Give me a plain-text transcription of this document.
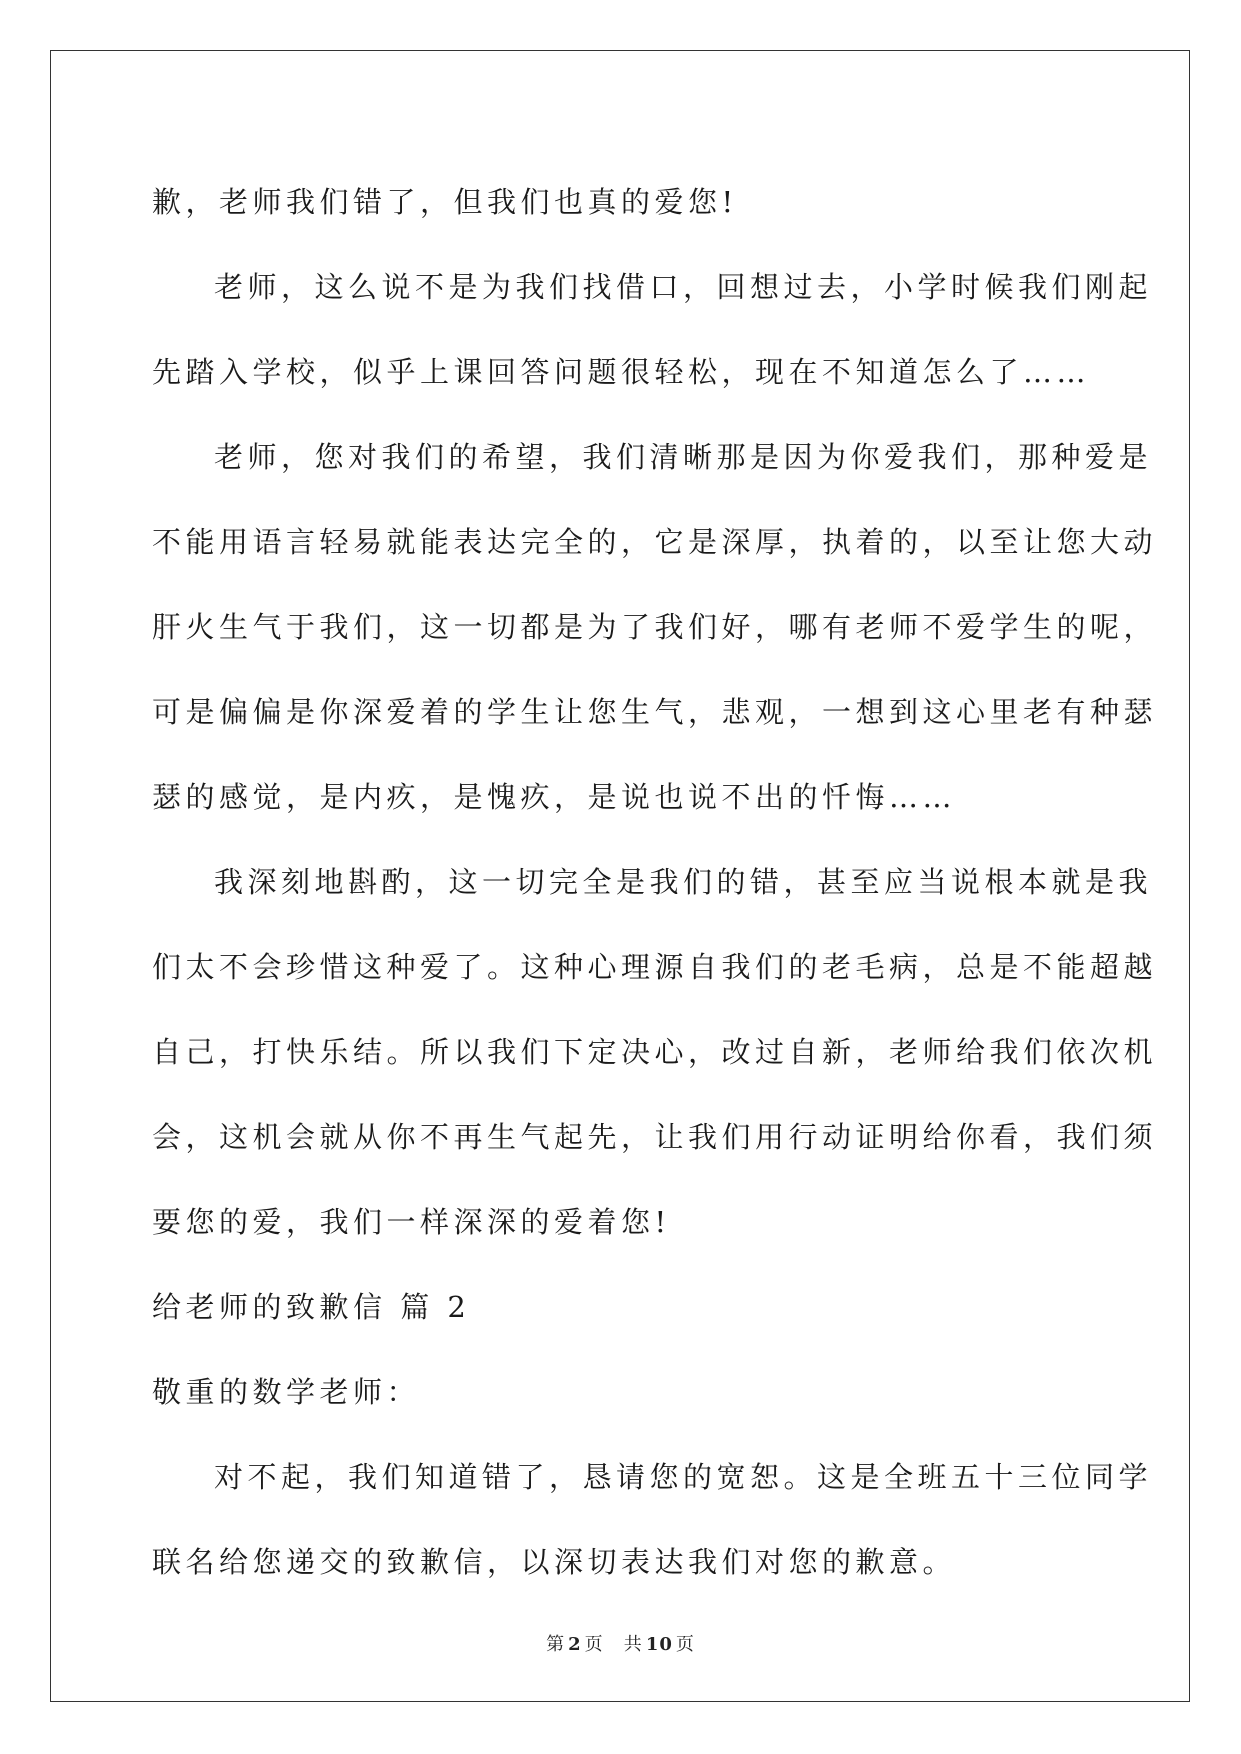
歉，老师我们错了，但我们也真的爱您!

老师，这么说不是为我们找借口，回想过去，小学时候我们刚起

先踏入学校，似乎上课回答问题很轻松，现在不知道怎么了……

老师，您对我们的希望，我们清晰那是因为你爱我们，那种爱是

不能用语言轻易就能表达完全的，它是深厚，执着的，以至让您大动

肝火生气于我们，这一切都是为了我们好，哪有老师不爱学生的呢，

可是偏偏是你深爱着的学生让您生气，悲观，一想到这心里老有种瑟

瑟的感觉，是内疚，是愧疚，是说也说不出的忏悔……

我深刻地斟酌，这一切完全是我们的错，甚至应当说根本就是我

们太不会珍惜这种爱了。这种心理源自我们的老毛病，总是不能超越

自己，打快乐结。所以我们下定决心，改过自新，老师给我们依次机

会，这机会就从你不再生气起先，让我们用行动证明给你看，我们须

要您的爱，我们一样深深的爱着您!

给老师的致歉信 篇 2

敬重的数学老师：

对不起，我们知道错了，恳请您的宽恕。这是全班五十三位同学

联名给您递交的致歉信，以深切表达我们对您的歉意。

第 2 页   共 10 页
